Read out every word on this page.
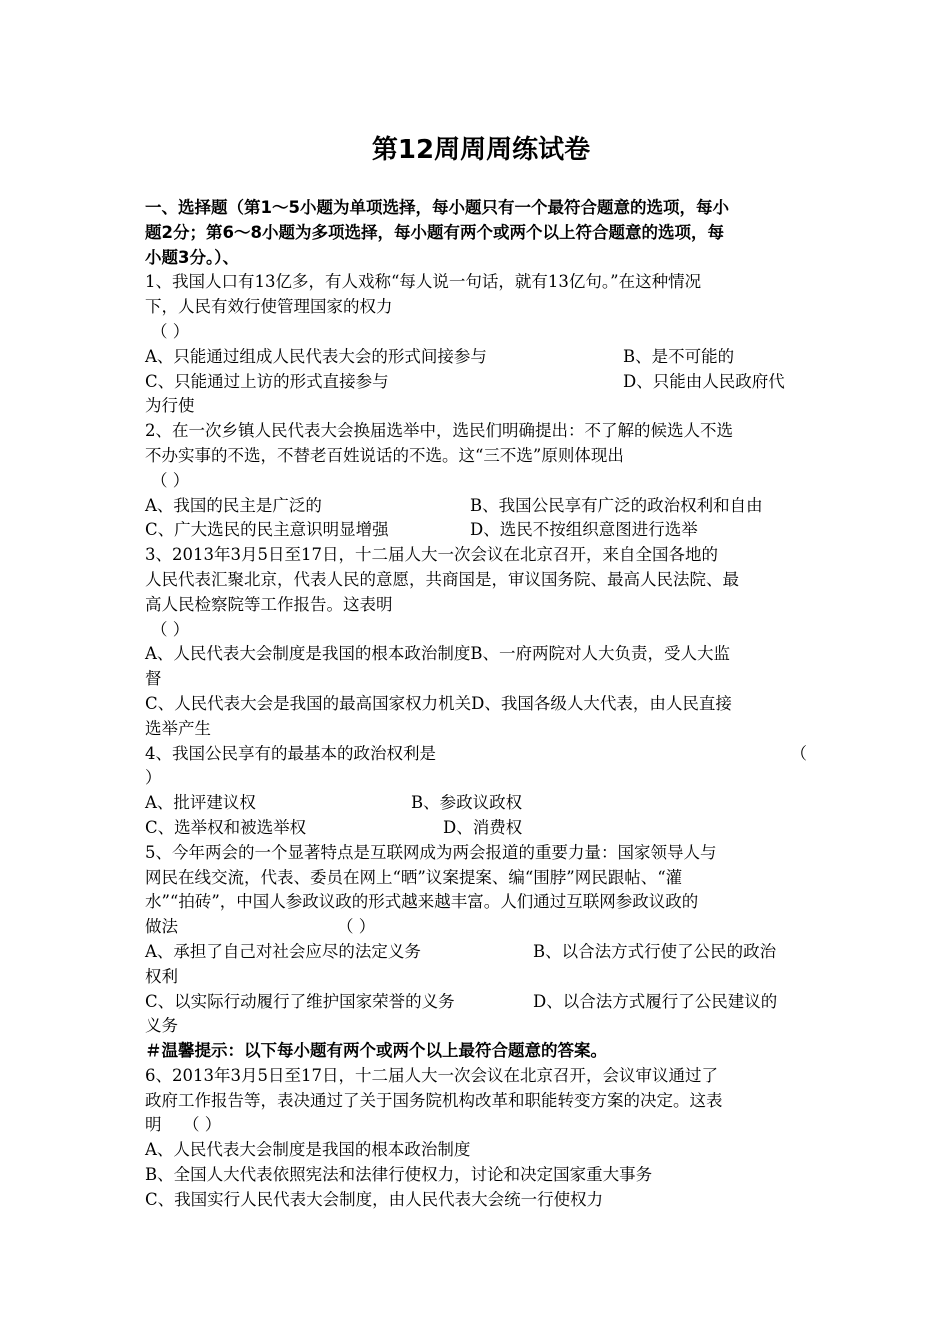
第12周周周练试卷
一、选择题（第1～5小题为单项选择，每小题只有一个最符合题意的选项，每小
题2分；第6～8小题为多项选择，每小题有两个或两个以上符合题意的选项，每
小题3分。）、
1、我国人口有13亿多，有人戏称“每人说一句话，就有13亿句。”在这种情况
下，人民有效行使管理国家的权力
（ ）
A、只能通过组成人民代表大会的形式间接参与	B、是不可能的
C、只能通过上访的形式直接参与	D、只能由人民政府代
为行使
2、在一次乡镇人民代表大会换届选举中，选民们明确提出：不了解的候选人不选
不办实事的不选，不替老百姓说话的不选。这“三不选”原则体现出
（ ）
A、我国的民主是广泛的	B、我国公民享有广泛的政治权利和自由
C、广大选民的民主意识明显增强	D、选民不按组织意图进行选举
3、2013年3月5日至17日，十二届人大一次会议在北京召开，来自全国各地的
人民代表汇聚北京，代表人民的意愿，共商国是，审议国务院、最高人民法院、最
高人民检察院等工作报告。这表明
（ ）
A、人民代表大会制度是我国的根本政治制度B、一府两院对人大负责，受人大监
督
C、人民代表大会是我国的最高国家权力机关D、我国各级人大代表，由人民直接
选举产生
4、我国公民享有的最基本的政治权利是	（
）
A、批评建议权	B、参政议政权
C、选举权和被选举权	D、消费权
5、今年两会的一个显著特点是互联网成为两会报道的重要力量：国家领导人与
网民在线交流，代表、委员在网上“晒”议案提案、编“围脖”网民跟帖、“灌
水”“拍砖”，中国人参政议政的形式越来越丰富。人们通过互联网参政议政的
做法	（ ）
A、承担了自己对社会应尽的法定义务	B、以合法方式行使了公民的政治
权利
C、以实际行动履行了维护国家荣誉的义务	D、以合法方式履行了公民建议的
义务
＃温馨提示：以下每小题有两个或两个以上最符合题意的答案。
6、2013年3月5日至17日，十二届人大一次会议在北京召开，会议审议通过了
政府工作报告等，表决通过了关于国务院机构改革和职能转变方案的决定。这表
明	（ ）
A、人民代表大会制度是我国的根本政治制度
B、全国人大代表依照宪法和法律行使权力，讨论和决定国家重大事务
C、我国实行人民代表大会制度，由人民代表大会统一行使权力
